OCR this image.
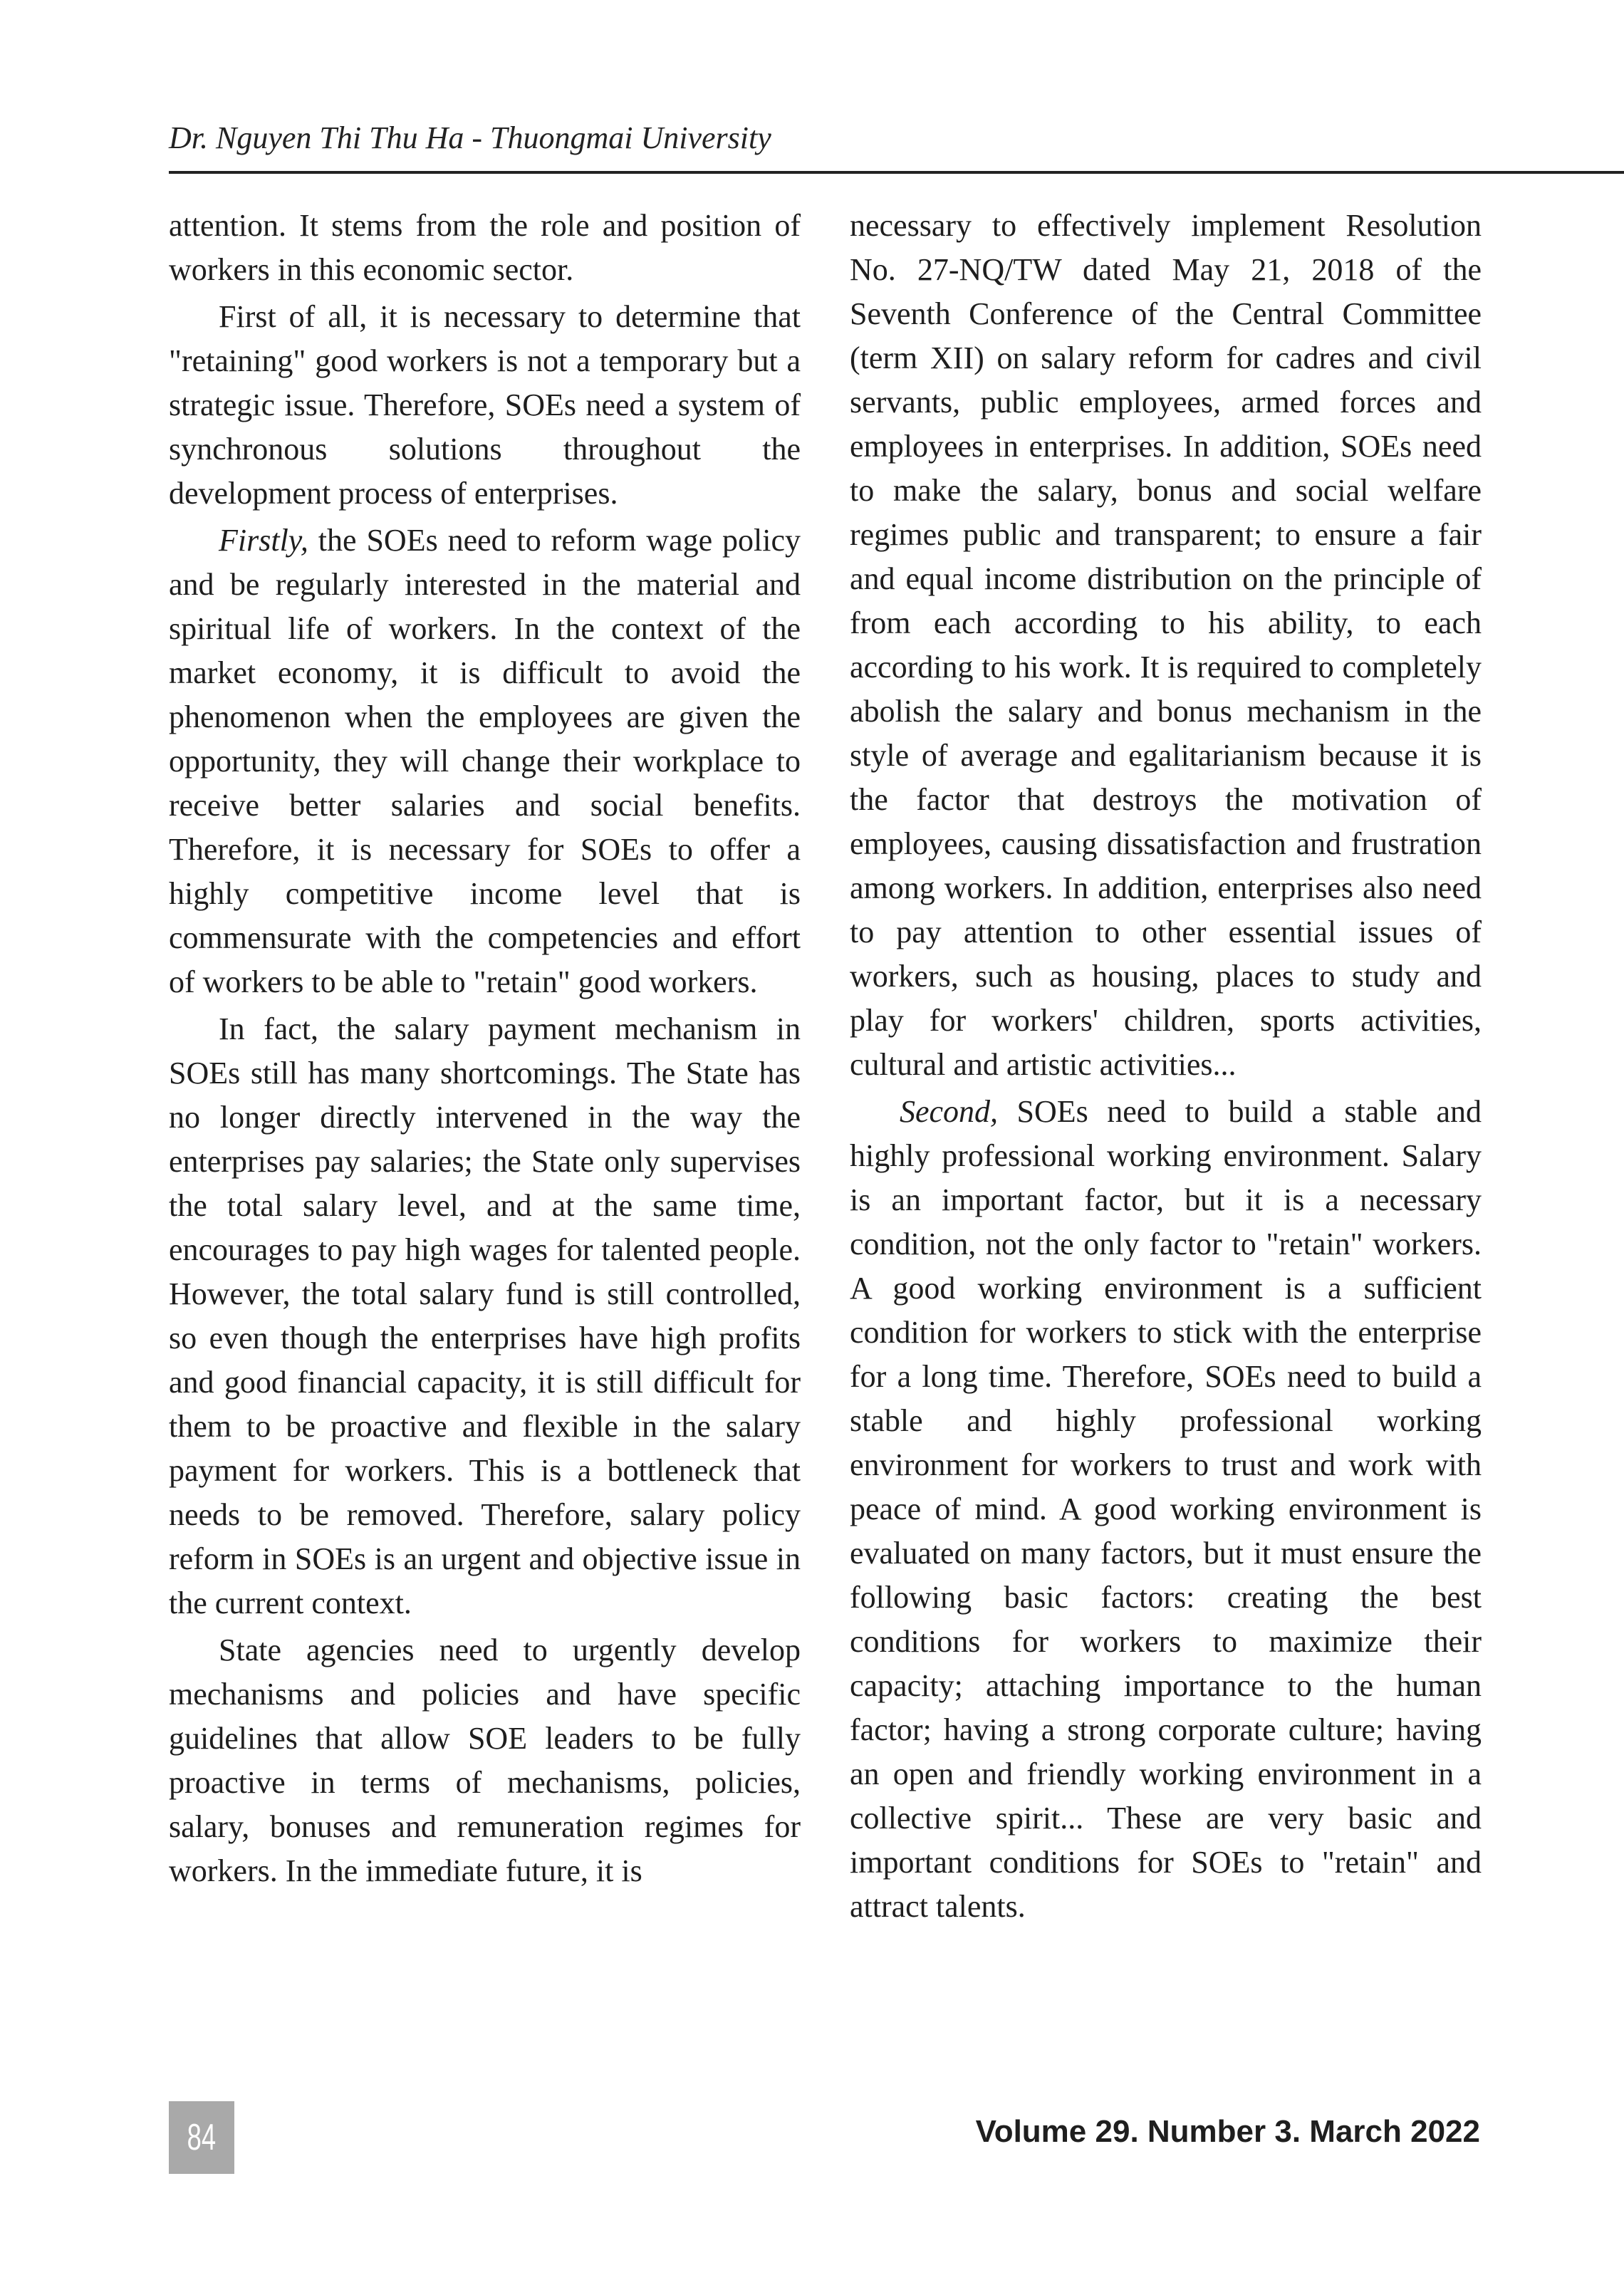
Dr. Nguyen Thi Thu Ha - Thuongmai University

attention. It stems from the role and position of workers in this economic sector.

First of all, it is necessary to determine that "retaining" good workers is not a temporary but a strategic issue. Therefore, SOEs need a system of synchronous solutions throughout the development process of enterprises.

Firstly, the SOEs need to reform wage policy and be regularly interested in the material and spiritual life of workers. In the context of the market economy, it is difficult to avoid the phenomenon when the employees are given the opportunity, they will change their workplace to receive better salaries and social benefits. Therefore, it is necessary for SOEs to offer a highly competitive income level that is commensurate with the competencies and effort of workers to be able to "retain" good workers.

In fact, the salary payment mechanism in SOEs still has many shortcomings. The State has no longer directly intervened in the way the enterprises pay salaries; the State only supervises the total salary level, and at the same time, encourages to pay high wages for talented people. However, the total salary fund is still controlled, so even though the enterprises have high profits and good financial capacity, it is still difficult for them to be proactive and flexible in the salary payment for workers. This is a bottleneck that needs to be removed. Therefore, salary policy reform in SOEs is an urgent and objective issue in the current context.

State agencies need to urgently develop mechanisms and policies and have specific guidelines that allow SOE leaders to be fully proactive in terms of mechanisms, policies, salary, bonuses and remuneration regimes for workers. In the immediate future, it is

necessary to effectively implement Resolution No. 27-NQ/TW dated May 21, 2018 of the Seventh Conference of the Central Committee (term XII) on salary reform for cadres and civil servants, public employees, armed forces and employees in enterprises. In addition, SOEs need to make the salary, bonus and social welfare regimes public and transparent; to ensure a fair and equal income distribution on the principle of from each according to his ability, to each according to his work. It is required to completely abolish the salary and bonus mechanism in the style of average and egalitarianism because it is the factor that destroys the motivation of employees, causing dissatisfaction and frustration among workers. In addition, enterprises also need to pay attention to other essential issues of workers, such as housing, places to study and play for workers' children, sports activities, cultural and artistic activities...

Second, SOEs need to build a stable and highly professional working environment. Salary is an important factor, but it is a necessary condition, not the only factor to "retain" workers. A good working environment is a sufficient condition for workers to stick with the enterprise for a long time. Therefore, SOEs need to build a stable and highly professional working environment for workers to trust and work with peace of mind. A good working environment is evaluated on many factors, but it must ensure the following basic factors: creating the best conditions for workers to maximize their capacity; attaching importance to the human factor; having a strong corporate culture; having an open and friendly working environment in a collective spirit... These are very basic and important conditions for SOEs to "retain" and attract talents.

84	Volume 29. Number 3. March 2022
